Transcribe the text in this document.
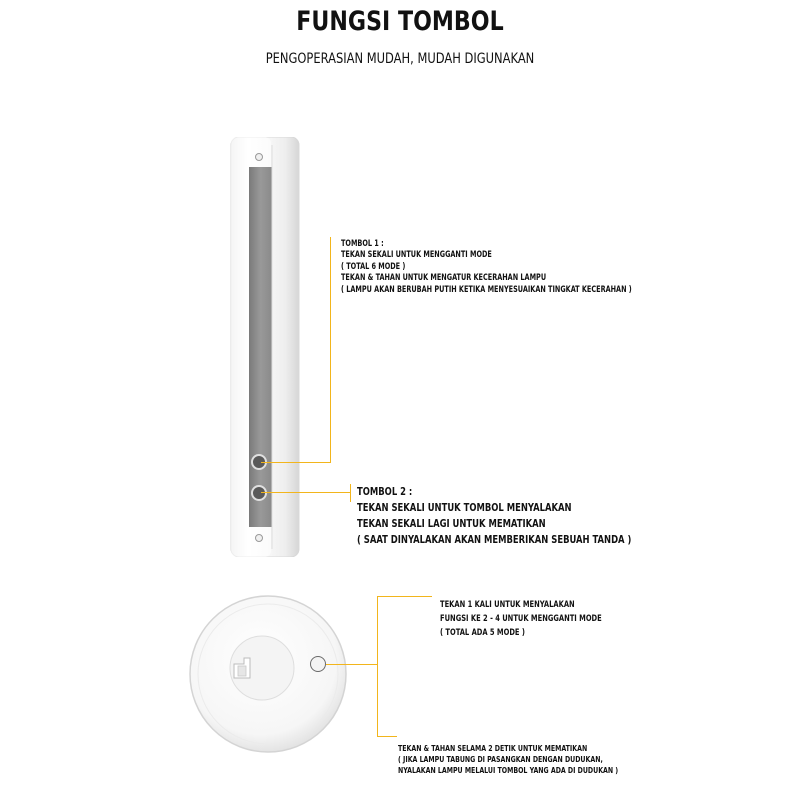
FUNGSI TOMBOL
PENGOPERASIAN MUDAH, MUDAH DIGUNAKAN
TOMBOL 1 :
TEKAN SEKALI UNTUK MENGGANTI MODE
( TOTAL 6 MODE )
TEKAN & TAHAN UNTUK MENGATUR KECERAHAN LAMPU
( LAMPU AKAN BERUBAH PUTIH KETIKA MENYESUAIKAN TINGKAT KECERAHAN )
TOMBOL 2 :
TEKAN SEKALI UNTUK TOMBOL MENYALAKAN
TEKAN SEKALI LAGI UNTUK MEMATIKAN
( SAAT DINYALAKAN AKAN MEMBERIKAN SEBUAH TANDA )
TEKAN 1 KALI UNTUK MENYALAKAN
FUNGSI KE 2 - 4 UNTUK MENGGANTI MODE
( TOTAL ADA 5 MODE )
TEKAN & TAHAN SELAMA 2 DETIK UNTUK MEMATIKAN
( JIKA LAMPU TABUNG DI PASANGKAN DENGAN DUDUKAN,
NYALAKAN LAMPU MELALUI TOMBOL YANG ADA DI DUDUKAN )
